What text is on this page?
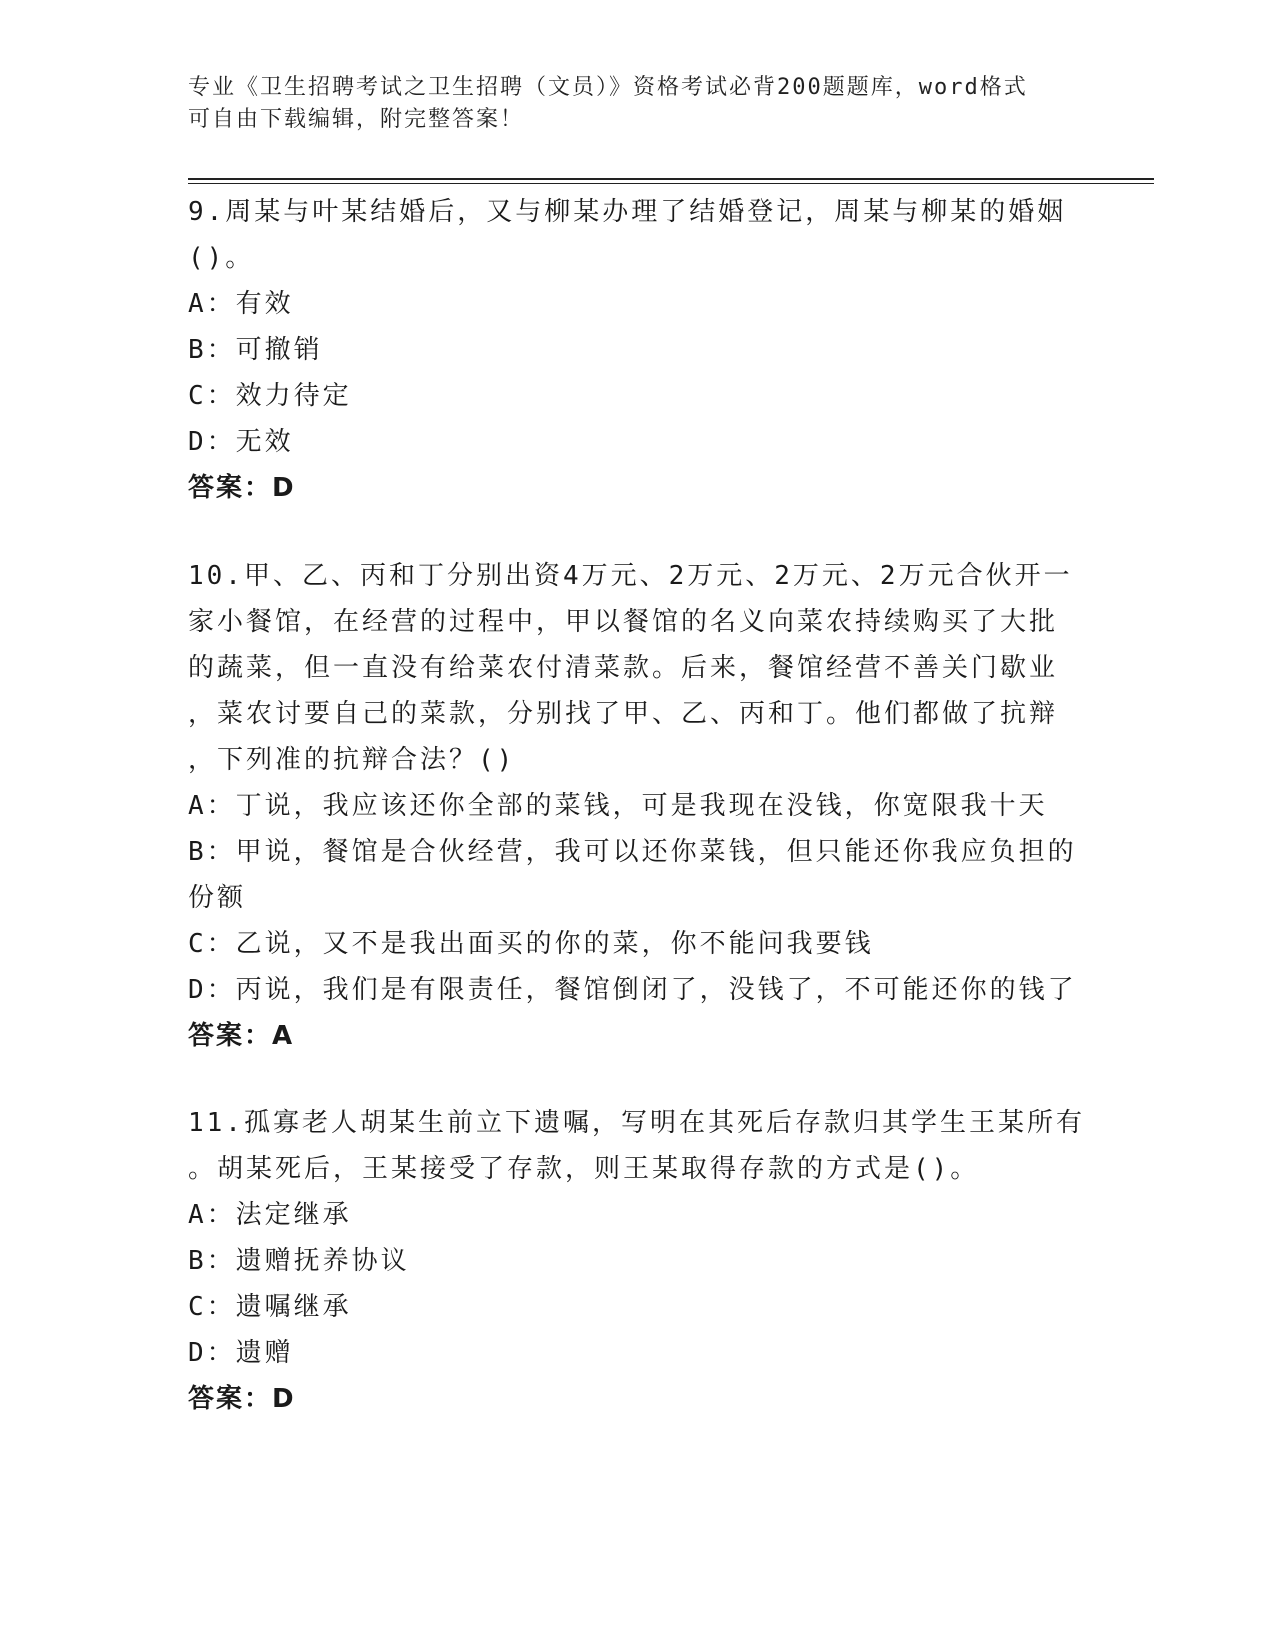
专业《卫生招聘考试之卫生招聘（文员）》资格考试必背200题题库，word格式
可自由下载编辑，附完整答案！
9.周某与叶某结婚后，又与柳某办理了结婚登记，周某与柳某的婚姻
()。
A：有效
B：可撤销
C：效力待定
D：无效
答案：D
10.甲、乙、丙和丁分别出资4万元、2万元、2万元、2万元合伙开一
家小餐馆，在经营的过程中，甲以餐馆的名义向菜农持续购买了大批
的蔬菜，但一直没有给菜农付清菜款。后来，餐馆经营不善关门歇业
，菜农讨要自己的菜款，分别找了甲、乙、丙和丁。他们都做了抗辩
，下列准的抗辩合法？()
A：丁说，我应该还你全部的菜钱，可是我现在没钱，你宽限我十天
B：甲说，餐馆是合伙经营，我可以还你菜钱，但只能还你我应负担的
份额
C：乙说，又不是我出面买的你的菜，你不能问我要钱
D：丙说，我们是有限责任，餐馆倒闭了，没钱了，不可能还你的钱了
答案：A
11.孤寡老人胡某生前立下遗嘱，写明在其死后存款归其学生王某所有
。胡某死后，王某接受了存款，则王某取得存款的方式是()。
A：法定继承
B：遗赠抚养协议
C：遗嘱继承
D：遗赠
答案：D
